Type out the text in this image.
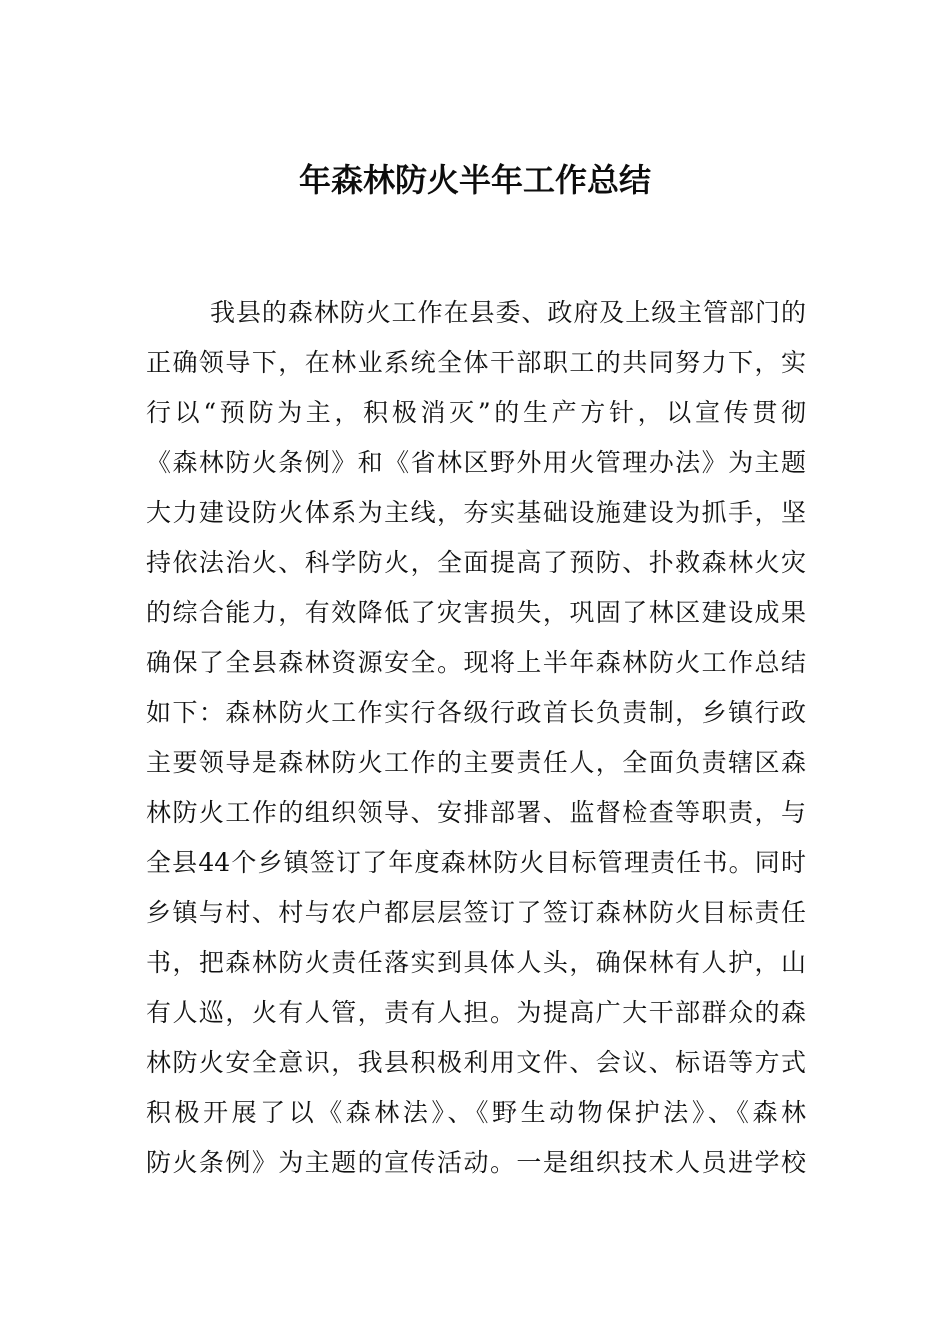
年森林防火半年工作总结
我县的森林防火工作在县委、政府及上级主管部门的
正确领导下，在林业系统全体干部职工的共同努力下，实
行以“预防为主，积极消灭”的生产方针，以宣传贯彻
《森林防火条例》和《省林区野外用火管理办法》为主题
大力建设防火体系为主线，夯实基础设施建设为抓手，坚
持依法治火、科学防火，全面提高了预防、扑救森林火灾
的综合能力，有效降低了灾害损失，巩固了林区建设成果
确保了全县森林资源安全。现将上半年森林防火工作总结
如下：森林防火工作实行各级行政首长负责制，乡镇行政
主要领导是森林防火工作的主要责任人，全面负责辖区森
林防火工作的组织领导、安排部署、监督检查等职责，与
全县44个乡镇签订了年度森林防火目标管理责任书。同时
乡镇与村、村与农户都层层签订了签订森林防火目标责任
书，把森林防火责任落实到具体人头，确保林有人护，山
有人巡，火有人管，责有人担。为提高广大干部群众的森
林防火安全意识，我县积极利用文件、会议、标语等方式
积极开展了以《森林法》、《野生动物保护法》、《森林
防火条例》为主题的宣传活动。一是组织技术人员进学校
